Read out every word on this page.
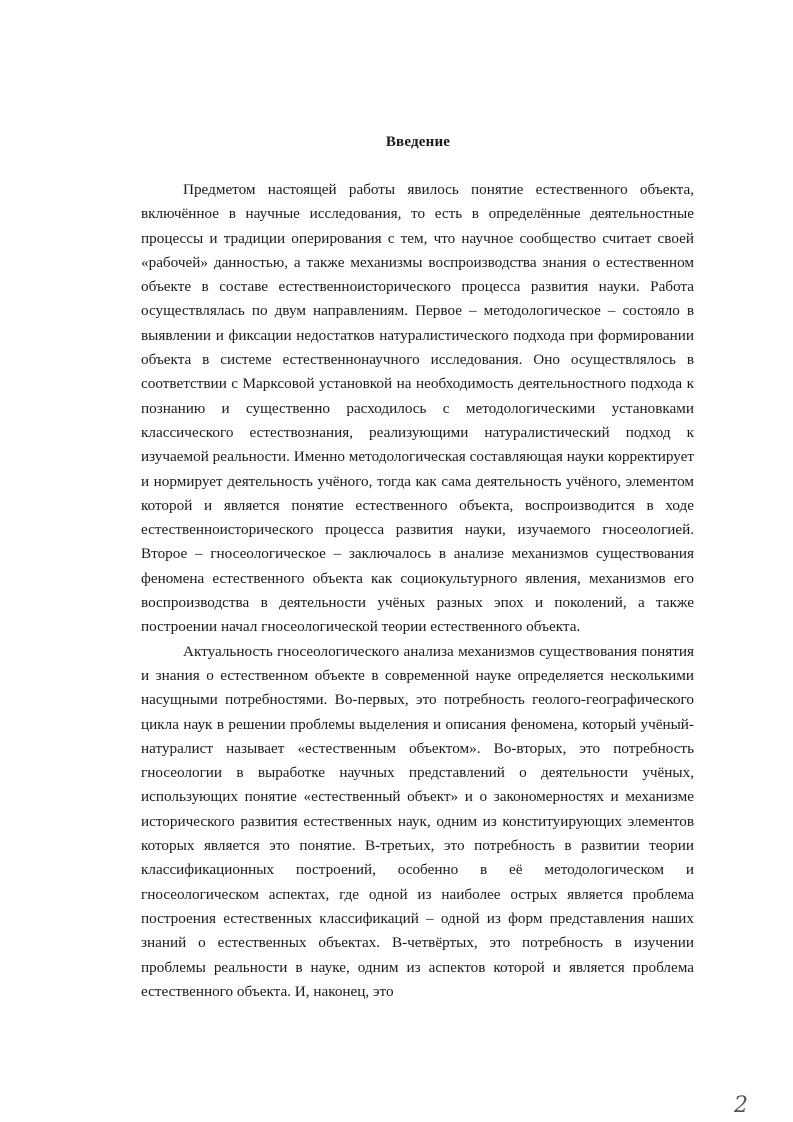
Введение

Предметом настоящей работы явилось понятие естественного объекта, включённое в научные исследования, то есть в определённые деятельностные процессы и традиции оперирования с тем, что научное сообщество считает своей «рабочей» данностью, а также механизмы воспроизводства знания о естественном объекте в составе естественноисторического процесса развития науки. Работа осуществлялась по двум направлениям. Первое – методологическое – состояло в выявлении и фиксации недостатков натуралистического подхода при формировании объекта в системе естественнонаучного исследования. Оно осуществлялось в соответствии с Марксовой установкой на необходимость деятельностного подхода к познанию и существенно расходилось с методологическими установками классического естествознания, реализующими натуралистический подход к изучаемой реальности. Именно методологическая составляющая науки корректирует и нормирует деятельность учёного, тогда как сама деятельность учёного, элементом которой и является понятие естественного объекта, воспроизводится в ходе естественноисторического процесса развития науки, изучаемого гносеологией. Второе – гносеологическое – заключалось в анализе механизмов существования феномена естественного объекта как социокультурного явления, механизмов его воспроизводства в деятельности учёных разных эпох и поколений, а также построении начал гносеологической теории естественного объекта.

Актуальность гносеологического анализа механизмов существования понятия и знания о естественном объекте в современной науке определяется несколькими насущными потребностями. Во-первых, это потребность геолого-географического цикла наук в решении проблемы выделения и описания феномена, который учёный-натуралист называет «естественным объектом». Во-вторых, это потребность гносеологии в выработке научных представлений о деятельности учёных, использующих понятие «естественный объект» и о закономерностях и механизме исторического развития естественных наук, одним из конституирующих элементов которых является это понятие. В-третьих, это потребность в развитии теории классификационных построений, особенно в её методологическом и гносеологическом аспектах, где одной из наиболее острых является проблема построения естественных классификаций – одной из форм представления наших знаний о естественных объектах. В-четвёртых, это потребность в изучении проблемы реальности в науке, одним из аспектов которой и является проблема естественного объекта. И, наконец, это

2
